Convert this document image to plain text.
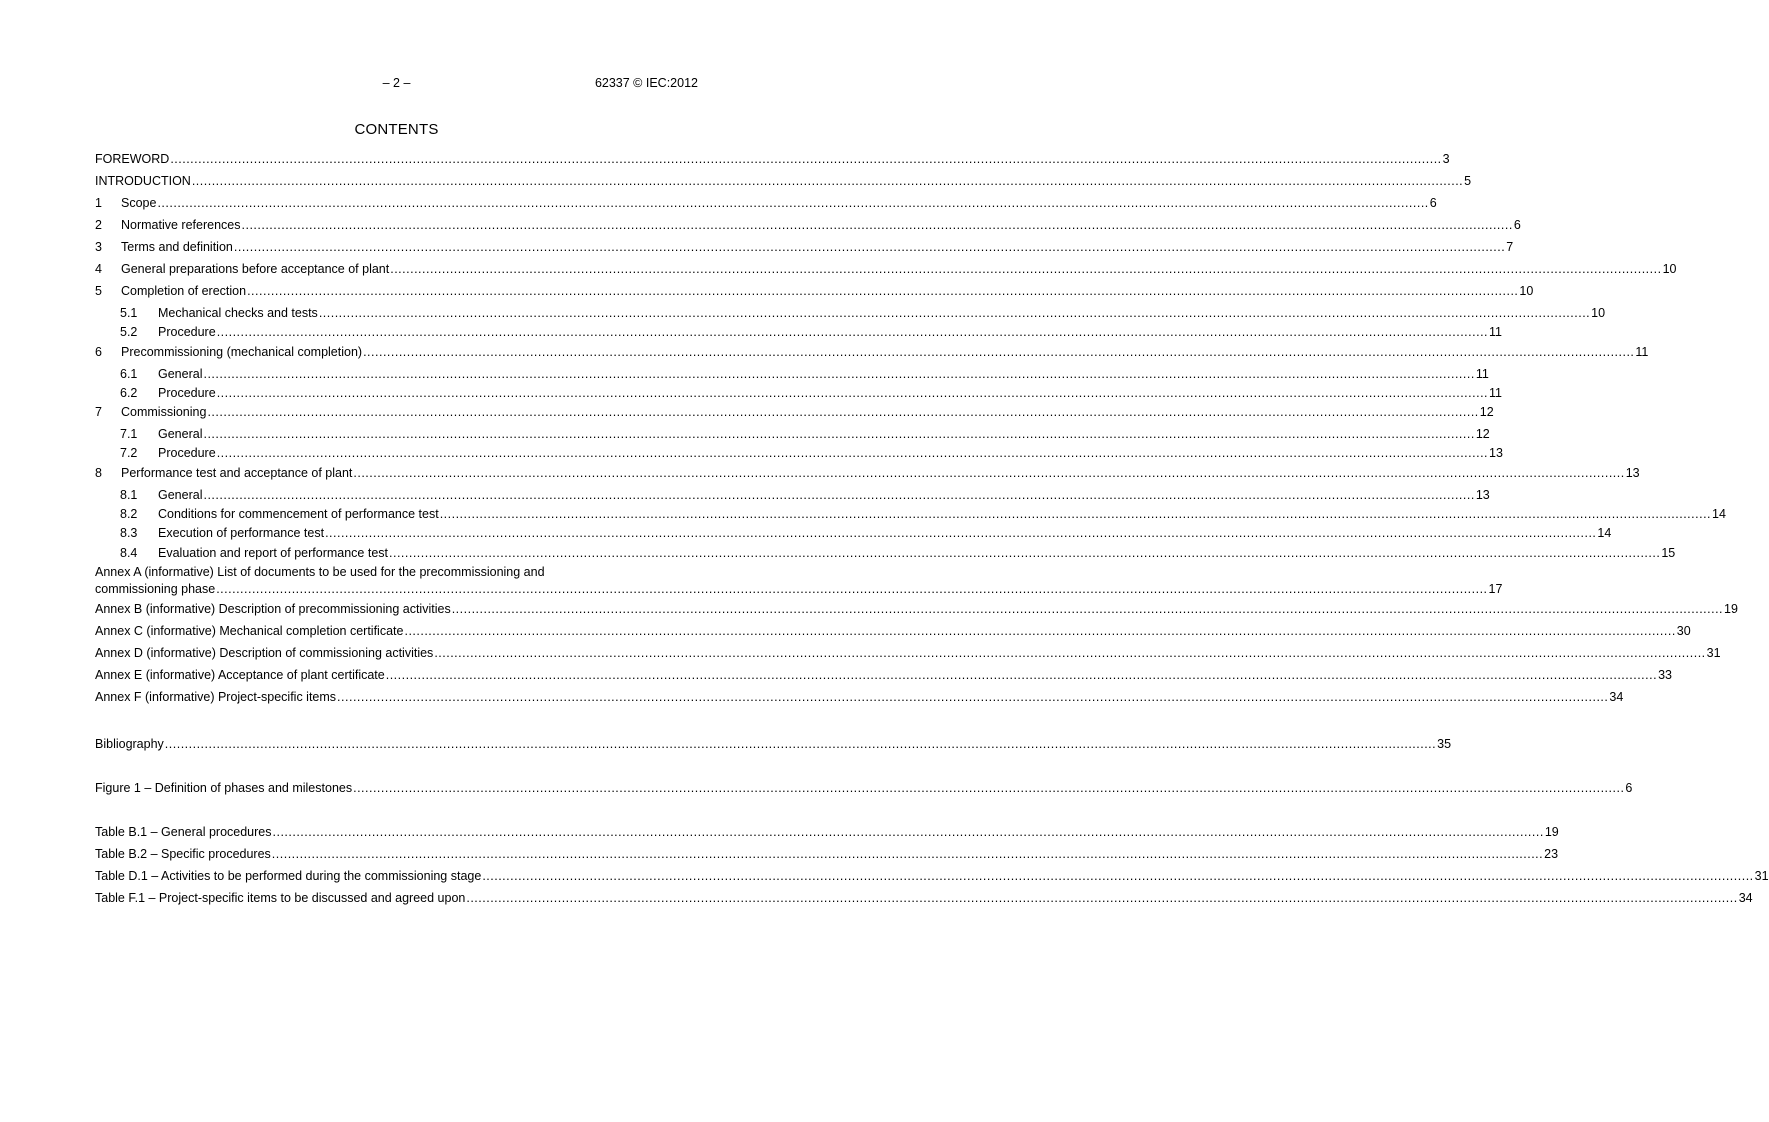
– 2 –	62337 © IEC:2012
CONTENTS
FOREWORD .....	3
INTRODUCTION .....	5
1	Scope .....	6
2	Normative references .....	6
3	Terms and definition .....	7
4	General preparations before acceptance of plant .....	10
5	Completion of erection .....	10
5.1	Mechanical checks and tests .....	10
5.2	Procedure .....	11
6	Precommissioning (mechanical completion) .....	11
6.1	General .....	11
6.2	Procedure .....	11
7	Commissioning .....	12
7.1	General .....	12
7.2	Procedure .....	13
8	Performance test and acceptance of plant .....	13
8.1	General .....	13
8.2	Conditions for commencement of performance test .....	14
8.3	Execution of performance test .....	14
8.4	Evaluation and report of performance test .....	15
Annex A (informative) List of documents to be used for the precommissioning and
commissioning phase .....	17
Annex B (informative) Description of precommissioning activities .....	19
Annex C (informative) Mechanical completion certificate .....	30
Annex D (informative) Description of commissioning activities .....	31
Annex E (informative) Acceptance of plant certificate .....	33
Annex F (informative) Project-specific items .....	34
Bibliography .....	35
Figure 1 – Definition of phases and milestones .....	6
Table B.1 – General procedures .....	19
Table B.2 – Specific procedures .....	23
Table D.1 – Activities to be performed during the commissioning stage .....	31
Table F.1 – Project-specific items to be discussed and agreed upon .....	34
